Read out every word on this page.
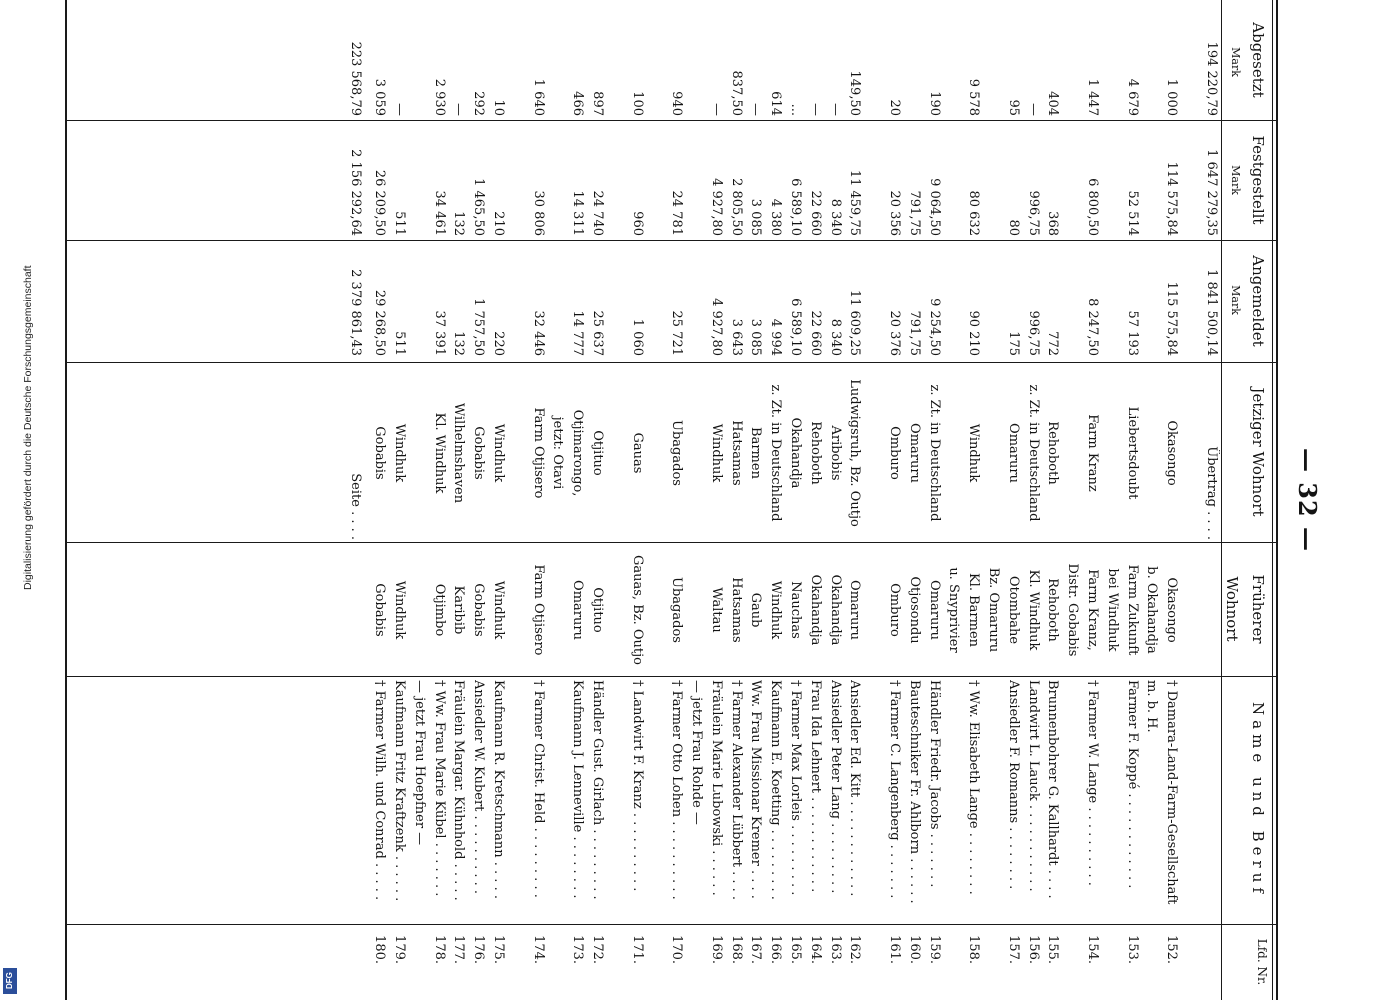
— 32 —
Lfd. Nr.
Name und Beruf
Früherer Wohnort
Jetziger Wohnort
Angemeldet
Festgestellt
Abgesetzt
Übertrag . . . .
1 841 500,14
1 647 279,35
194 220,79
Mark
Mark
Mark
152.
† Damara-Land-Farm-Gesellschaft
Okasongo
Okasongo
115 575,84
114 575,84
1 000
m. b. H.
b. Okahandja
153.
Farmer F. Koppé . . . . . . . . . . . .
Farm Zukunft
Liebertsdoubt
57 193
52 514
4 679
bei Windhuk
154.
† Farmer W. Lange . . . . . . . . . .
Farm Kranz,
Farm Kranz
8 247,50
6 800,50
1 447
Distr. Gobabis
155.
Brunnenbohrer G. Kallhardt . . . .
Rehoboth
Rehoboth
772
368
404
156.
Landwirt L. Lauck . . . . . . . . . . .
Kl. Windhuk
z. Zt. in Deutschland
996,75
996,75
—
157.
Ansiedler F. Romanns . . . . . . . .
Otombahe
Omaruru
175
80
95
Bz. Omaruru
158.
† Ww. Elisabeth Lange . . . . . . . .
Kl. Barmen
Windhuk
90 210
80 632
9 578
u. Snyprivier
159.
Händler Friedr. Jacobs . . . . . . .
Omaruru
z. Zt. in Deutschland
9 254,50
9 064,50
190
160.
Bauteschniker Fr. Ahlborn . . . . . .
Otjosondu
Omaruru
791,75
791,75
161.
† Farmer C. Langenberg . . . . . . .
Omburo
Omburo
20 376
20 356
20
162.
Ansiedler Ed. Kitt . . . . . . . . . . . .
Omaruru
Ludwigsruh, Bz. Outjo
11 609,25
11 459,75
149,50
163.
Ansiedler Peter Lang . . . . . . . . .
Okahandja
Aribobis
8 340
8 340
—
164.
Frau Ida Lehnert . . . . . . . . . . . .
Okahandja
Rehoboth
22 660
22 660
—
165.
† Farmer Max Lorleis . . . . . . . . .
Nauchas
Okahandja
6 589,10
6 589,10
...
166.
Kaufmann E. Koetting . . . . . . . . .
Windhuk
z. Zt. in Deutschland
4 994
4 380
614
167.
Ww. Frau Missionar Kremer . . . .
Gaub
Barmen
3 085
3 085
—
168.
† Farmer Alexander Lübbert . . . .
Hatsamas
Hatsamas
3 643
2 805,50
837,50
169.
Fräulein Marie Lubowski . . . . . .
Waltau
Windhuk
4 927,80
4 927,80
—
— jetzt Frau Rohde —
170.
† Farmer Otto Lohen . . . . . . . . . .
Ubagados
Ubagados
25 721
24 781
940
171.
† Landwirt F. Kranz . . . . . . . . . .
Gauas, Bz. Outjo
Gauas
1 060
960
100
172.
Händler Gust. Girlach . . . . . . . . .
Otjituo
Otjituo
25 637
24 740
897
173.
Kaufmann J. Lenneville . . . . . . . .
Omaruru
Otjimarongo,
14 777
14 311
466
jetzt: Otavi
174.
† Farmer Christ. Held . . . . . . . . .
Farm Otjisero
Farm Otjisero
32 446
30 806
1 640
175.
Kaufmann R. Kretschmann . . . . .
Windhuk
Windhuk
220
210
10
176.
Ansiedler W. Kubert . . . . . . . . . .
Gobabis
Gobabis
1 757,50
1 465,50
292
177.
Fräulein Margar. Kühnhold . . . . .
Karibib
Wilhelmshaven
132
132
—
178.
† Ww. Frau Marie Kübel . . . . . . .
Otjimbo
Kl. Windhuk
37 391
34 461
2 930
— jetzt Frau Hoepfner —
179.
Kaufmann Fritz Kraftzenk . . . . . .
Windhuk
Windhuk
511
511
—
180.
† Farmer Wilh. und Conrad . . . . .
Gobabis
Gobabis
29 268,50
26 209,50
3 059
Seite . . . .
2 379 861,43
2 156 292,64
223 568,79
Digitalisierung gefördert durch die Deutsche Forschungsgemeinschaft
DFG
